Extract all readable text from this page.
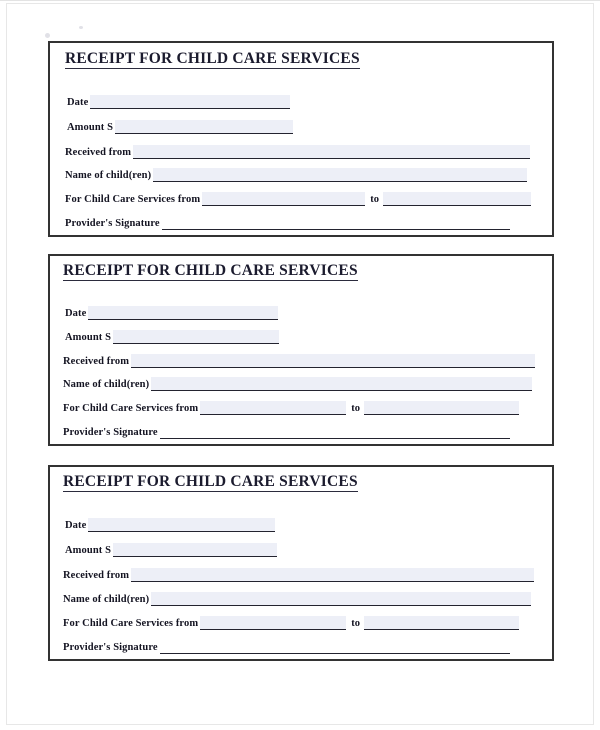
RECEIPT FOR CHILD CARE SERVICES
Date
Amount S
Received from
Name of child(ren)
For Child Care Services from	to
Provider's Signature
RECEIPT FOR CHILD CARE SERVICES
Date
Amount S
Received from
Name of child(ren)
For Child Care Services from	to
Provider's Signature
RECEIPT FOR CHILD CARE SERVICES
Date
Amount S
Received from
Name of child(ren)
For Child Care Services from	to
Provider's Signature
